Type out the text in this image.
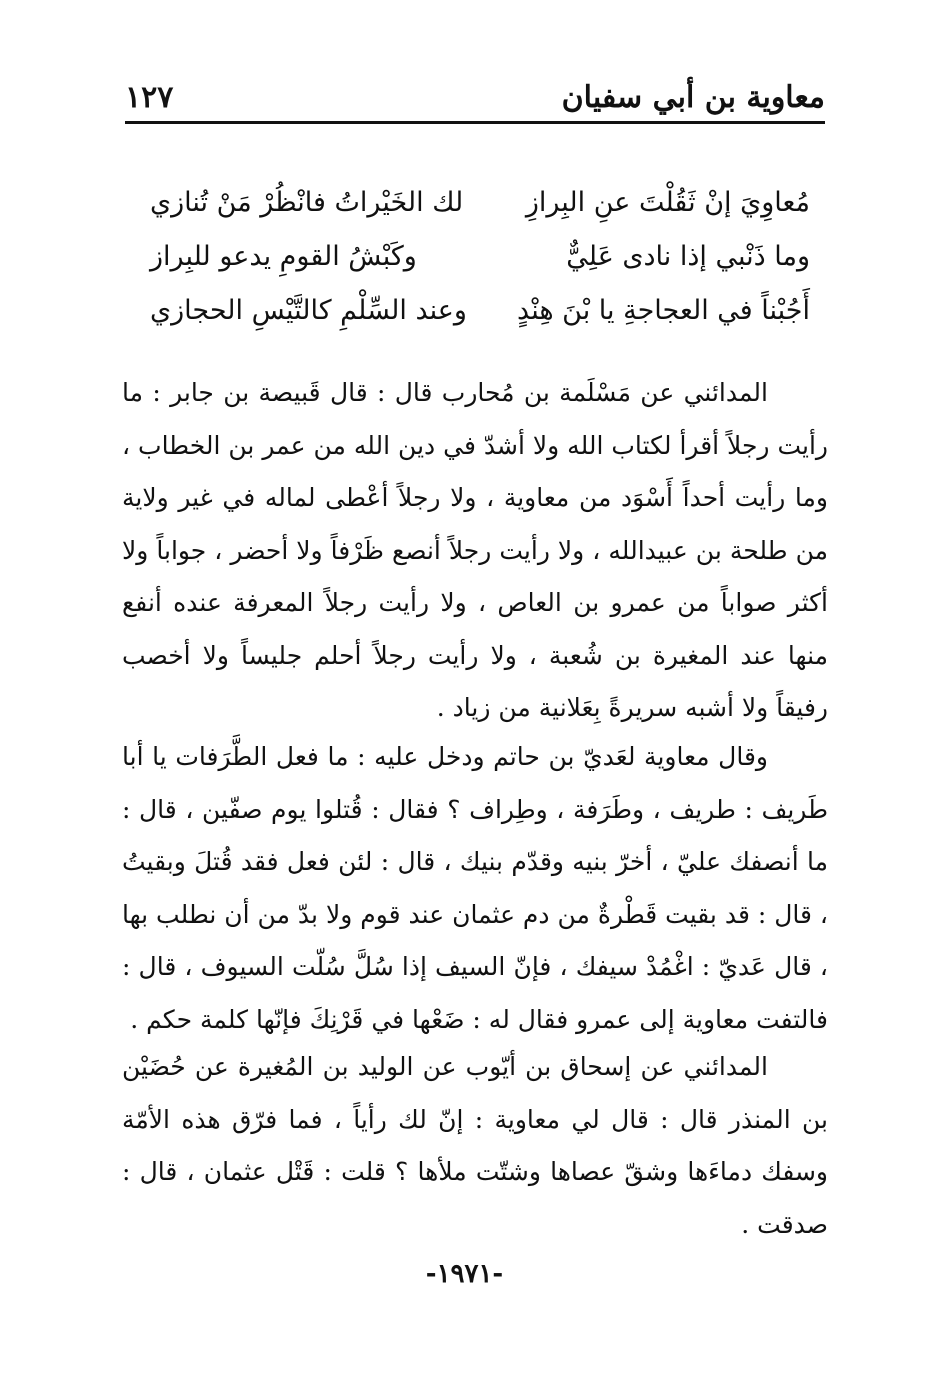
معاوية بن أبي سفيان
١٢٧
مُعاوِيَ إنْ ثَقُلْتَ عنِ البِرازِ
لك الخَيْراتُ فانْظُرْ مَنْ تُنازي
وما ذَنْبي إذا نادى عَلِيٌّ
وكَبْشُ القومِ يدعو للبِراز
أَجُبْناً في العجاجةِ يا بْنَ هِنْدٍ
وعند السِّلْمِ كالتَّيْسِ الحجازي

المدائني عن مَسْلَمة بن مُحارب قال : قال قَبيصة بن جابر : ما رأيت رجلاً أقرأ لكتاب الله ولا أشدّ في دين الله من عمر بن الخطاب ، وما رأيت أحداً أَسْوَد من معاوية ، ولا رجلاً أعْطى لماله في غير ولاية من طلحة بن عبيدالله ، ولا رأيت رجلاً أنصع ظَرْفاً ولا أحضر ، جواباً ولا أكثر صواباً من عمرو بن العاص ، ولا رأيت رجلاً المعرفة عنده أنفع منها عند المغيرة بن شُعبة ، ولا رأيت رجلاً أحلم جليساً ولا أخصب رفيقاً ولا أشبه سريرةً بِعَلانية من زياد .

وقال معاوية لعَديّ بن حاتم ودخل عليه : ما فعل الطَّرَفات يا أبا طَريف : طريف ، وطَرَفة ، وطِراف ؟ فقال : قُتلوا يوم صفّين ، قال : ما أنصفك عليّ ، أخرّ بنيه وقدّم بنيك ، قال : لئن فعل فقد قُتلَ وبقيتُ ، قال : قد بقيت قَطْرةٌ من دم عثمان عند قوم ولا بدّ من أن نطلب بها ، قال عَديّ : اغْمُدْ سيفك ، فإنّ السيف إذا سُلَّ سُلّت السيوف ، قال : فالتفت معاوية إلى عمرو فقال له : ضَعْها في قَرْنِكَ فإنّها كلمة حكم .

المدائني عن إسحاق بن أيّوب عن الوليد بن المُغيرة عن حُضَيْن بن المنذر قال : قال لي معاوية : إنّ لك رأياً ، فما فرّق هذه الأمّة وسفك دماءَها وشقّ عصاها وشتّت ملأها ؟ قلت : قَتْل عثمان ، قال : صدقت .

-١٩٧١-
